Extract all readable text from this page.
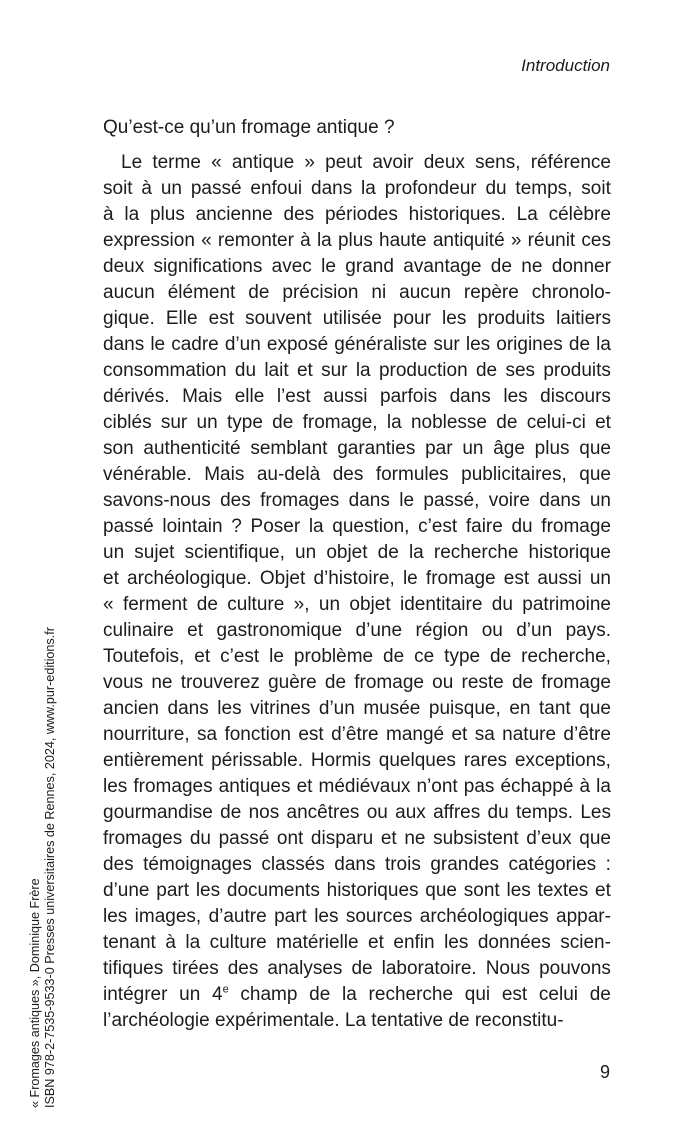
Introduction
Qu’est-ce qu’un fromage antique ?
Le terme « antique » peut avoir deux sens, référence
soit à un passé enfoui dans la profondeur du temps, soit
à la plus ancienne des périodes historiques. La célèbre
expression « remonter à la plus haute antiquité » réunit ces
deux significations avec le grand avantage de ne donner
aucun élément de précision ni aucun repère chronolo-
gique. Elle est souvent utilisée pour les produits laitiers
dans le cadre d’un exposé généraliste sur les origines de la
consommation du lait et sur la production de ses produits
dérivés. Mais elle l’est aussi parfois dans les discours
ciblés sur un type de fromage, la noblesse de celui-ci et
son authenticité semblant garanties par un âge plus que
vénérable. Mais au-delà des formules publicitaires, que
savons-nous des fromages dans le passé, voire dans un
passé lointain ? Poser la question, c’est faire du fromage
un sujet scientifique, un objet de la recherche historique
et archéologique. Objet d’histoire, le fromage est aussi un
« ferment de culture », un objet identitaire du patrimoine
culinaire et gastronomique d’une région ou d’un pays.
Toutefois, et c’est le problème de ce type de recherche,
vous ne trouverez guère de fromage ou reste de fromage
ancien dans les vitrines d’un musée puisque, en tant que
nourriture, sa fonction est d’être mangé et sa nature d’être
entièrement périssable. Hormis quelques rares exceptions,
les fromages antiques et médiévaux n’ont pas échappé à la
gourmandise de nos ancêtres ou aux affres du temps. Les
fromages du passé ont disparu et ne subsistent d’eux que
des témoignages classés dans trois grandes catégories :
d’une part les documents historiques que sont les textes et
les images, d’autre part les sources archéologiques appar-
tenant à la culture matérielle et enfin les données scien-
tifiques tirées des analyses de laboratoire. Nous pouvons
intégrer un 4e champ de la recherche qui est celui de
l’archéologie
expérimentale.
La
tentative
de
reconstitu-
« Fromages antiques », Dominique Frère ISBN 978-2-7535-9533-0 Presses universitaires de Rennes, 2024, www.pur-editions.fr	9
